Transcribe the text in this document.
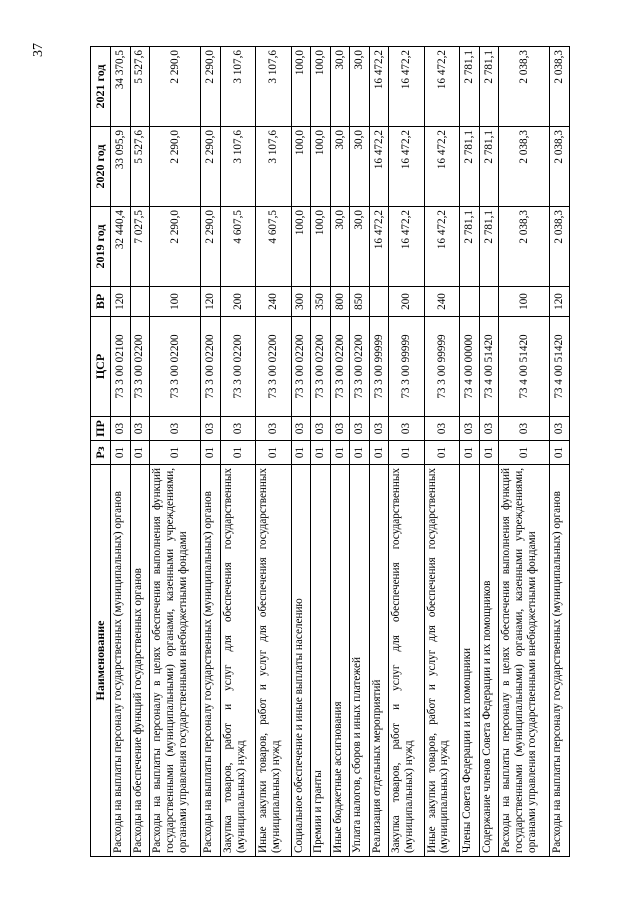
37
Наименование	Рз	ПР	ЦСР	ВР	2019 год	2020 год	2021 год
Расходы на выплаты персоналу государственных (муниципальных) органов	01	03	73 3 00 02100	120	32 440,4	33 095,9	34 370,5
Расходы на обеспечение функций государственных органов	01	03	73 3 00 02200		7 027,5	5 527,6	5 527,6
Расходы на выплаты персоналу в целях обеспечения выполнения функций государственными (муниципальными) органами, казенными учреждениями, органами управления государственными внебюджетными фондами	01	03	73 3 00 02200	100	2 290,0	2 290,0	2 290,0
Расходы на выплаты персоналу государственных (муниципальных) органов	01	03	73 3 00 02200	120	2 290,0	2 290,0	2 290,0
Закупка товаров, работ и услуг для обеспечения государственных (муниципальных) нужд	01	03	73 3 00 02200	200	4 607,5	3 107,6	3 107,6
Иные закупки товаров, работ и услуг для обеспечения государственных (муниципальных) нужд	01	03	73 3 00 02200	240	4 607,5	3 107,6	3 107,6
Социальное обеспечение и иные выплаты населению	01	03	73 3 00 02200	300	100,0	100,0	100,0
Премии и гранты	01	03	73 3 00 02200	350	100,0	100,0	100,0
Иные бюджетные ассигнования	01	03	73 3 00 02200	800	30,0	30,0	30,0
Уплата налогов, сборов и иных платежей	01	03	73 3 00 02200	850	30,0	30,0	30,0
Реализация отдельных мероприятий	01	03	73 3 00 99999		16 472,2	16 472,2	16 472,2
Закупка товаров, работ и услуг для обеспечения государственных (муниципальных) нужд	01	03	73 3 00 99999	200	16 472,2	16 472,2	16 472,2
Иные закупки товаров, работ и услуг для обеспечения государственных (муниципальных) нужд	01	03	73 3 00 99999	240	16 472,2	16 472,2	16 472,2
Члены Совета Федерации и их помощники	01	03	73 4 00 00000		2 781,1	2 781,1	2 781,1
Содержание членов Совета Федерации и их помощников	01	03	73 4 00 51420		2 781,1	2 781,1	2 781,1
Расходы на выплаты персоналу в целях обеспечения выполнения функций государственными (муниципальными) органами, казенными учреждениями, органами управления государственными внебюджетными фондами	01	03	73 4 00 51420	100	2 038,3	2 038,3	2 038,3
Расходы на выплаты персоналу государственных (муниципальных) органов	01	03	73 4 00 51420	120	2 038,3	2 038,3	2 038,3
